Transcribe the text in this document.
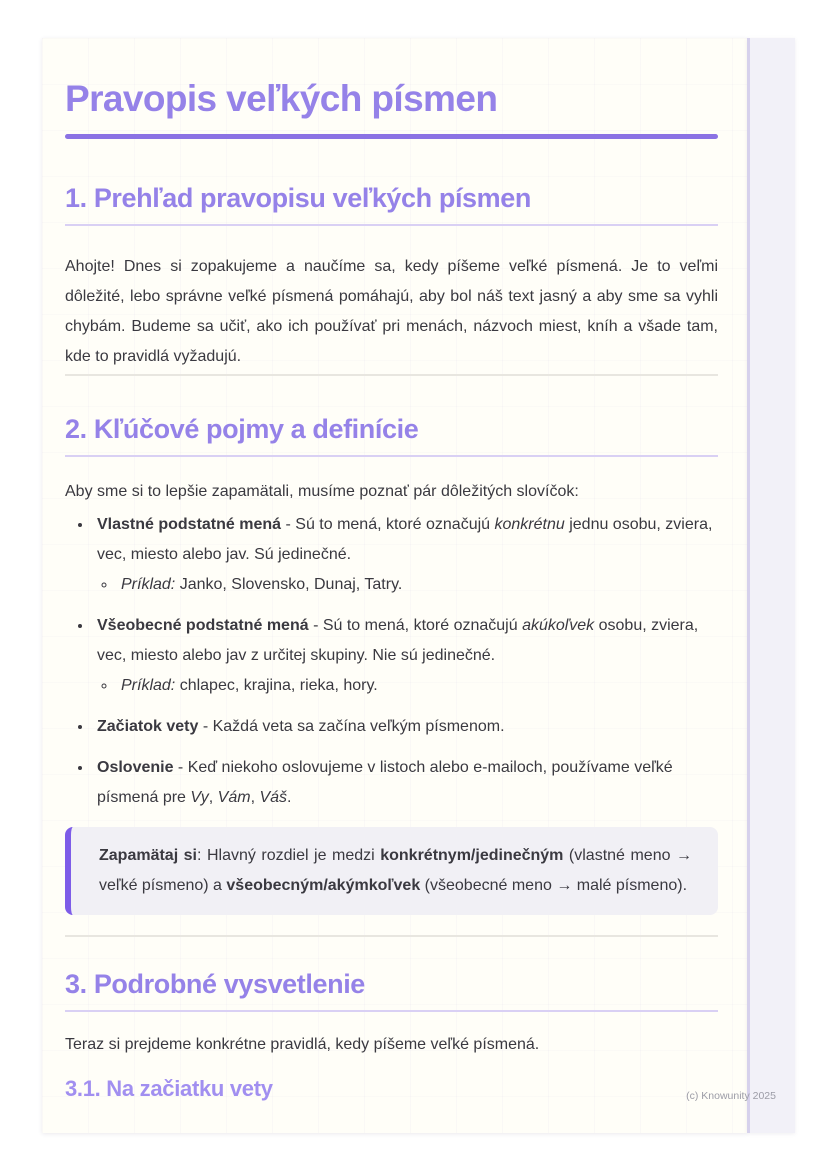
Pravopis veľkých písmen
1. Prehľad pravopisu veľkých písmen

Ahojte! Dnes si zopakujeme a naučíme sa, kedy píšeme veľké písmená. Je to veľmi dôležité, lebo správne veľké písmená pomáhajú, aby bol náš text jasný a aby sme sa vyhli chybám. Budeme sa učiť, ako ich používať pri menách, názvoch miest, kníh a všade tam, kde to pravidlá vyžadujú.

2. Kľúčové pojmy a definície

Aby sme si to lepšie zapamätali, musíme poznať pár dôležitých slovíčok:

• Vlastné podstatné mená - Sú to mená, ktoré označujú konkrétnu jednu osobu, zviera, vec, miesto alebo jav. Sú jedinečné.
◦ Príklad: Janko, Slovensko, Dunaj, Tatry.
• Všeobecné podstatné mená - Sú to mená, ktoré označujú akúkoľvek osobu, zviera, vec, miesto alebo jav z určitej skupiny. Nie sú jedinečné.
◦ Príklad: chlapec, krajina, rieka, hory.
• Začiatok vety - Každá veta sa začína veľkým písmenom.
• Oslovenie - Keď niekoho oslovujeme v listoch alebo e-mailoch, používame veľké písmená pre Vy, Vám, Váš.
Zapamätaj si: Hlavný rozdiel je medzi konkrétnym/jedinečným (vlastné meno → veľké písmeno) a všeobecným/akýmkoľvek (všeobecné meno → malé písmeno).
3. Podrobné vysvetlenie

Teraz si prejdeme konkrétne pravidlá, kedy píšeme veľké písmená.

3.1. Na začiatku vety	(c) Knowunity 2025
